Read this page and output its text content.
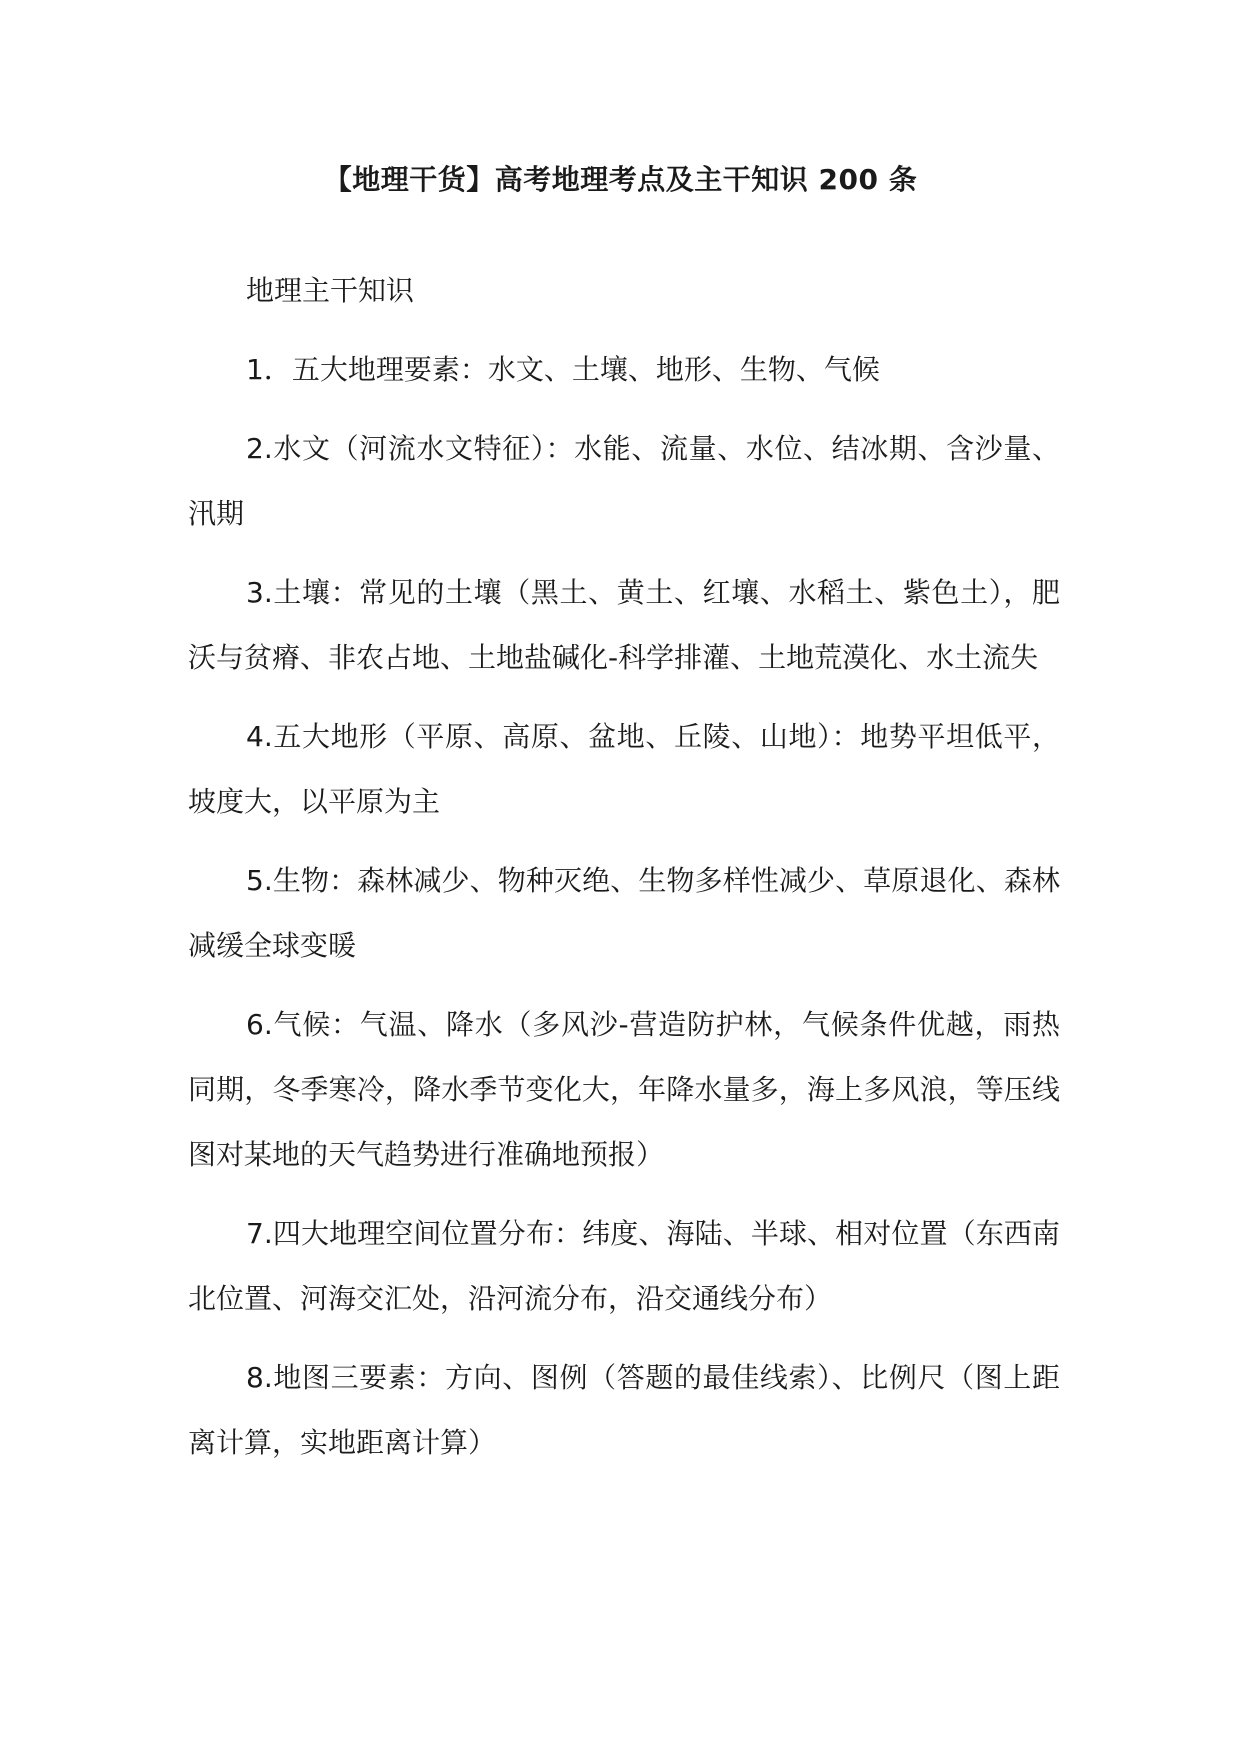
【地理干货】高考地理考点及主干知识 200 条

地理主干知识

1．五大地理要素：水文、土壤、地形、生物、气候

2.水文（河流水文特征）：水能、流量、水位、结冰期、含沙量、汛期

3.土壤：常见的土壤（黑土、黄土、红壤、水稻土、紫色土），肥沃与贫瘠、非农占地、土地盐碱化-科学排灌、土地荒漠化、水土流失

4.五大地形（平原、高原、盆地、丘陵、山地）：地势平坦低平，坡度大，以平原为主

5.生物：森林减少、物种灭绝、生物多样性减少、草原退化、森林减缓全球变暖

6.气候：气温、降水（多风沙-营造防护林，气候条件优越，雨热同期，冬季寒冷，降水季节变化大，年降水量多，海上多风浪，等压线图对某地的天气趋势进行准确地预报）

7.四大地理空间位置分布：纬度、海陆、半球、相对位置（东西南北位置、河海交汇处，沿河流分布，沿交通线分布）

8.地图三要素：方向、图例（答题的最佳线索）、比例尺（图上距离计算，实地距离计算）
